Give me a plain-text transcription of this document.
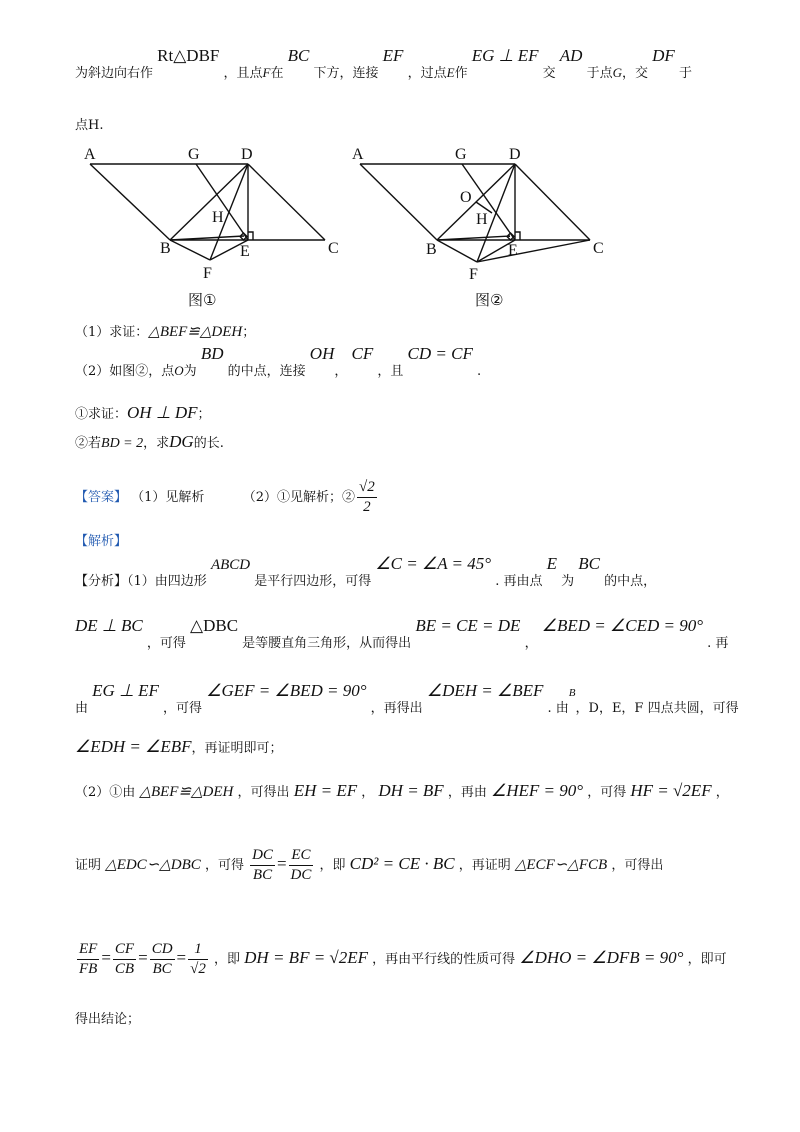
为斜边向右作 Rt△DBF ，且点F在 BC 下方，连接 EF ，过点E作 EG ⊥ EF 交 AD 于点G，交 DF 于
点H.
A	G	D
H
B	E	C
F
图①
A	G	D
O
H
B	E	C
F
图②
（1）求证：△BEF≌△DEH；
（2）如图②，点O为 BD 的中点，连接 OH， CF ，且 CD = CF .
①求证：OH ⊥ DF；
②若BD = 2，求DG的长.
【答案】 （1）见解析	（2）①见解析；② $\frac{√2}{2}$
【解析】
【分析】（1）由四边形 ABCD 是平行四边形，可得 ∠C = ∠A = 45° . 再由点 E 为 BC 的中点，
DE ⊥ BC ，可得 △DBC 是等腰直角三角形，从而得出 BE = CE = DE ， ∠BED = ∠CED = 90° . 再
由 EG ⊥ EF ，可得 ∠GEF = ∠BED = 90° ，再得出 ∠DEH = ∠BEF . 由$^B$，D，E，F 四点共圆，可得
∠EDH = ∠EBF，再证明即可；
（2）①由 △BEF≌△DEH ，可得出 EH = EF ， DH = BF ，再由 ∠HEF = 90° ，可得 HF = √2EF ，
证明 △EDC∽△DBC ，可得 $\frac{DC}{BC} = \frac{EC}{DC}$ ，即 CD² = CE · BC ，再证明 △ECF∽△FCB ，可得出
$\frac{EF}{FB} = \frac{CF}{CB} = \frac{CD}{BC} = \frac{1}{√2}$ ，即 DH = BF = √2EF ，再由平行线的性质可得 ∠DHO = ∠DFB = 90° ，即可
得出结论；
